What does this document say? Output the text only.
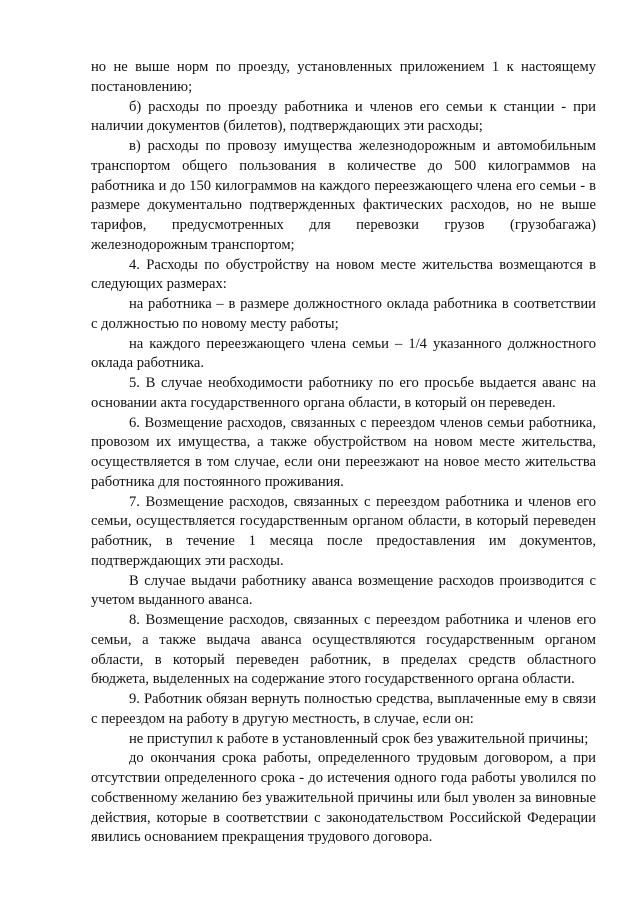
но не выше норм по проезду, установленных приложением 1 к настоящему постановлению;

б) расходы по проезду работника и членов его семьи к станции - при наличии документов (билетов), подтверждающих эти расходы;

в) расходы по провозу имущества железнодорожным и автомобильным транспортом общего пользования в количестве до 500 килограммов на работника и до 150 килограммов на каждого переезжающего члена его семьи - в размере документально подтвержденных фактических расходов, но не выше тарифов, предусмотренных для перевозки грузов (грузобагажа) железнодорожным транспортом;

4. Расходы по обустройству на новом месте жительства возмещаются в следующих размерах:

на работника – в размере должностного оклада работника в соответствии с должностью по новому месту работы;

на каждого переезжающего члена семьи – 1/4 указанного должностного оклада работника.

5. В случае необходимости работнику по его просьбе выдается аванс на основании акта государственного органа области, в который он переведен.

6. Возмещение расходов, связанных с переездом членов семьи работника, провозом их имущества, а также обустройством на новом месте жительства, осуществляется в том случае, если они переезжают на новое место жительства работника для постоянного проживания.

7. Возмещение расходов, связанных с переездом работника и членов его семьи, осуществляется государственным органом области, в который переведен работник, в течение 1 месяца после предоставления им документов, подтверждающих эти расходы.

В случае выдачи работнику аванса возмещение расходов производится с учетом выданного аванса.

8. Возмещение расходов, связанных с переездом работника и членов его семьи, а также выдача аванса осуществляются государственным органом области, в который переведен работник, в пределах средств областного бюджета, выделенных на содержание этого государственного органа области.

9. Работник обязан вернуть полностью средства, выплаченные ему в связи с переездом на работу в другую местность, в случае, если он:

не приступил к работе в установленный срок без уважительной причины;

до окончания срока работы, определенного трудовым договором, а при отсутствии определенного срока - до истечения одного года работы уволился по собственному желанию без уважительной причины или был уволен за виновные действия, которые в соответствии с законодательством Российской Федерации явились основанием прекращения трудового договора.
